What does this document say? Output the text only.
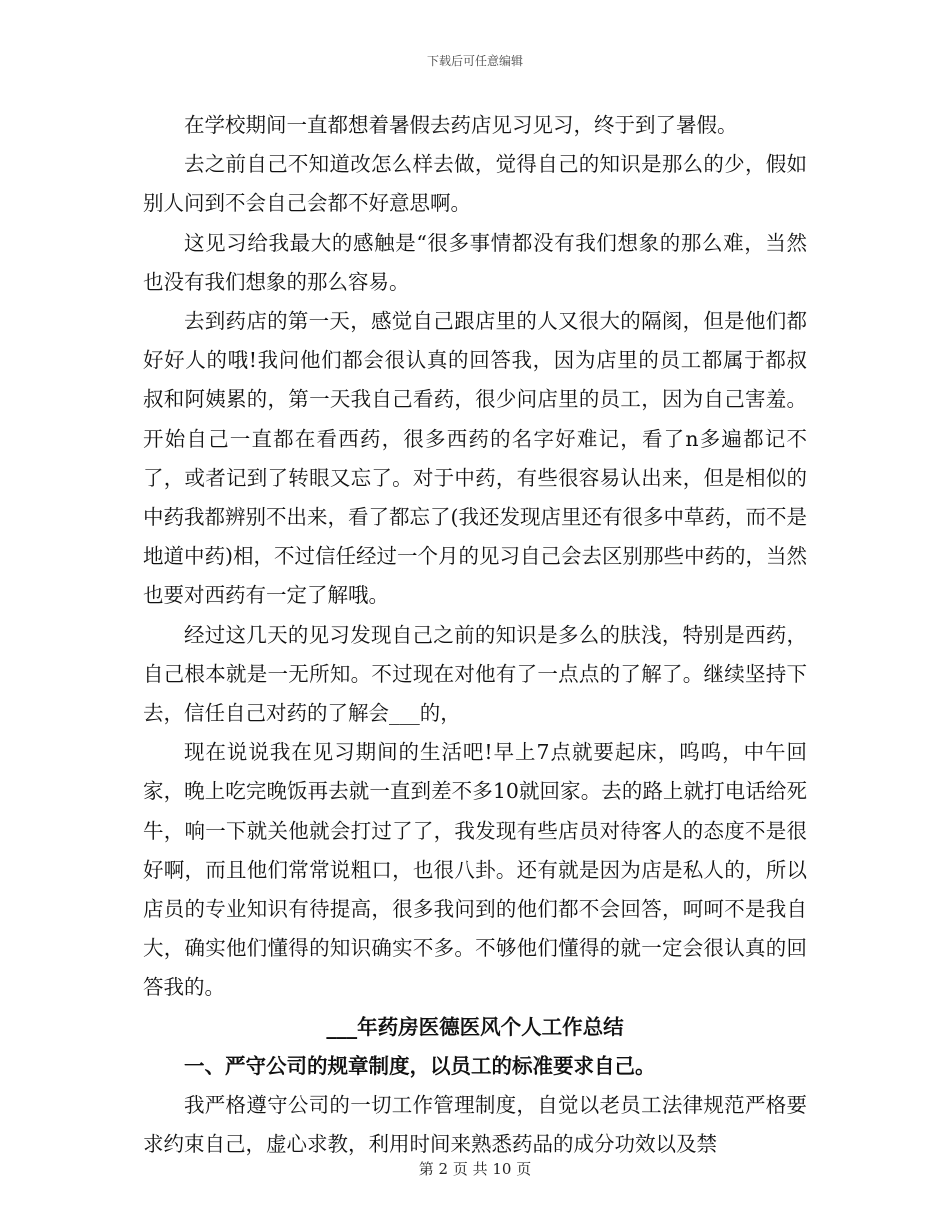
下载后可任意编辑

在学校期间一直都想着暑假去药店见习见习，终于到了暑假。

去之前自己不知道改怎么样去做，觉得自己的知识是那么的少，假如别人问到不会自己会都不好意思啊。

这见习给我最大的感触是“很多事情都没有我们想象的那么难，当然也没有我们想象的那么容易。

去到药店的第一天，感觉自己跟店里的人又很大的隔阂，但是他们都好好人的哦!我问他们都会很认真的回答我，因为店里的员工都属于都叔叔和阿姨累的，第一天我自己看药，很少问店里的员工，因为自己害羞。开始自己一直都在看西药，很多西药的名字好难记，看了n多遍都记不了，或者记到了转眼又忘了。对于中药，有些很容易认出来，但是相似的中药我都辨别不出来，看了都忘了(我还发现店里还有很多中草药，而不是地道中药)相，不过信任经过一个月的见习自己会去区别那些中药的，当然也要对西药有一定了解哦。

经过这几天的见习发现自己之前的知识是多么的肤浅，特别是西药，自己根本就是一无所知。不过现在对他有了一点点的了解了。继续坚持下去，信任自己对药的了解会___的，

现在说说我在见习期间的生活吧!早上7点就要起床，呜呜，中午回家，晚上吃完晚饭再去就一直到差不多10就回家。去的路上就打电话给死牛，响一下就关他就会打过了了，我发现有些店员对待客人的态度不是很好啊，而且他们常常说粗口，也很八卦。还有就是因为店是私人的，所以店员的专业知识有待提高，很多我问到的他们都不会回答，呵呵不是我自大，确实他们懂得的知识确实不多。不够他们懂得的就一定会很认真的回答我的。

___年药房医德医风个人工作总结

一、严守公司的规章制度，以员工的标准要求自己。

我严格遵守公司的一切工作管理制度，自觉以老员工法律规范严格要求约束自己，虚心求教，利用时间来熟悉药品的成分功效以及禁

第 2 页 共 10 页
